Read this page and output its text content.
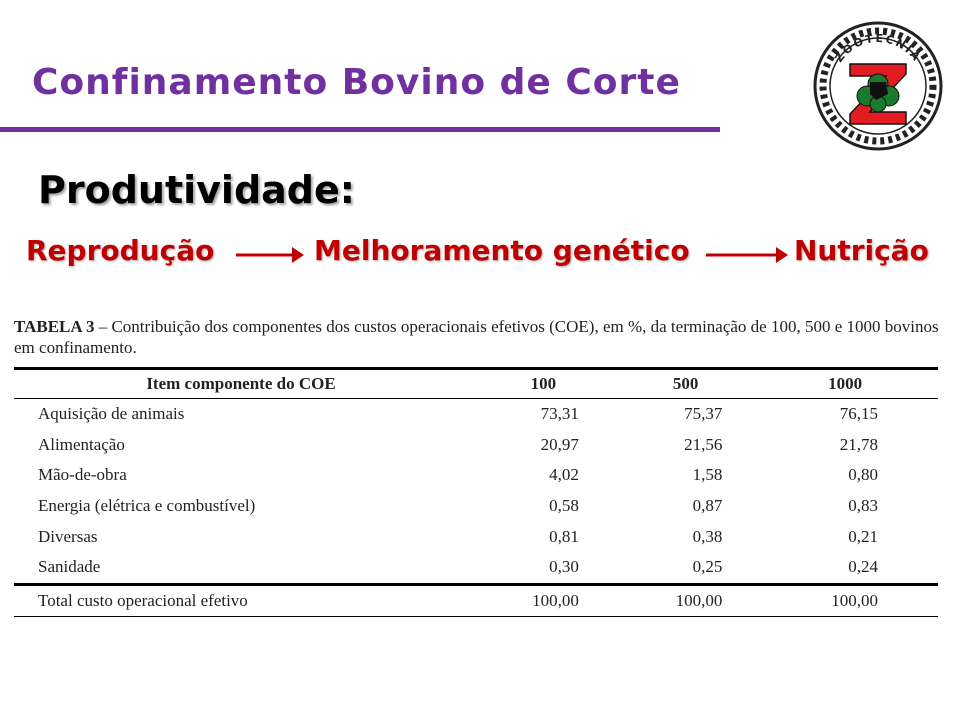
Confinamento Bovino de Corte
ZOOTECNIA
Produtividade:
Reprodução	Melhoramento genético	Nutrição
TABELA 3 – Contribuição dos componentes dos custos operacionais efetivos (COE), em %, da terminação de 100, 500 e 1000 bovinos em confinamento.
Item componente do COE	100	500	1000
Aquisição de animais	73,31	75,37	76,15
Alimentação	20,97	21,56	21,78
Mão-de-obra	4,02	1,58	0,80
Energia (elétrica e combustível)	0,58	0,87	0,83
Diversas	0,81	0,38	0,21
Sanidade	0,30	0,25	0,24
Total custo operacional efetivo	100,00	100,00	100,00
